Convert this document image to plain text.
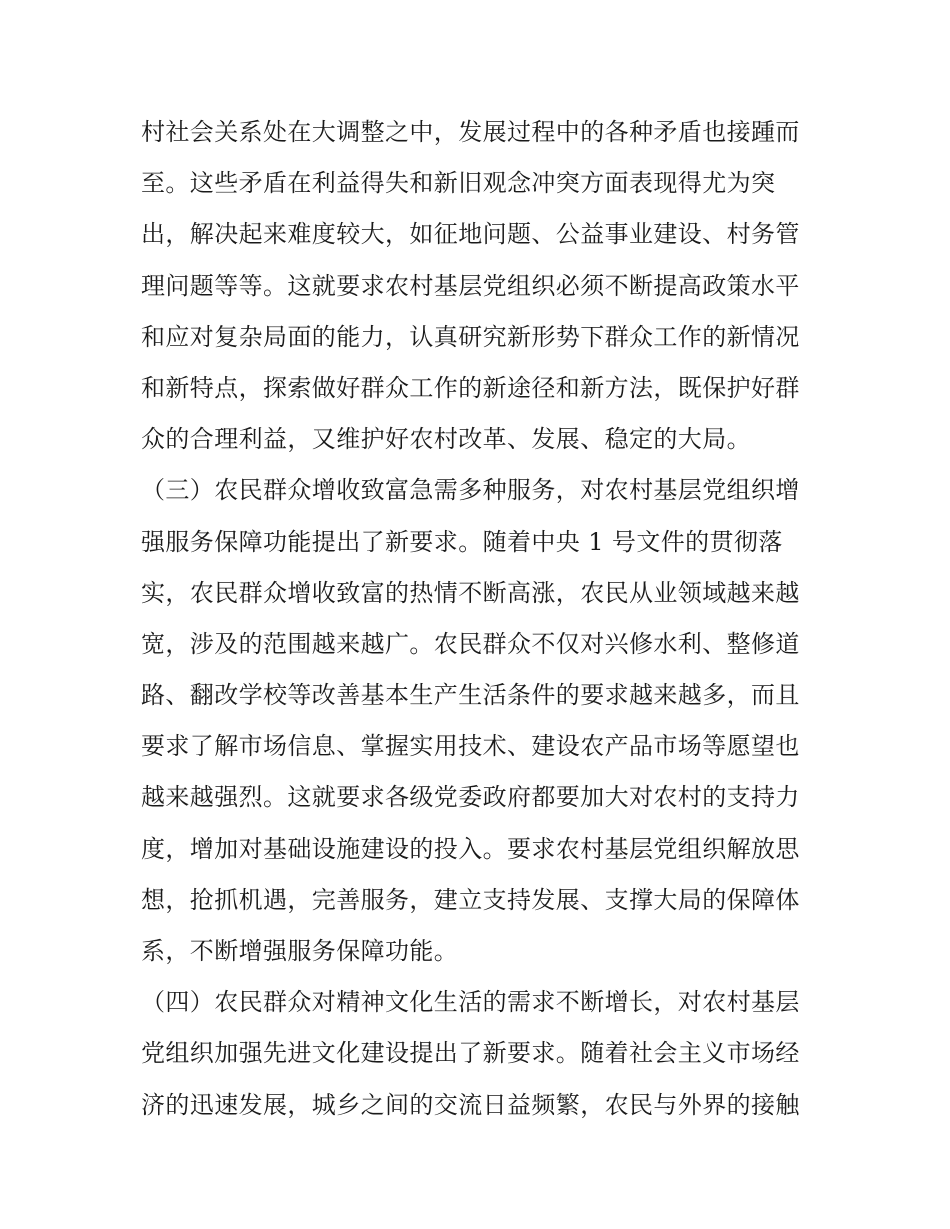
村社会关系处在大调整之中，发展过程中的各种矛盾也接踵而
至。这些矛盾在利益得失和新旧观念冲突方面表现得尤为突
出，解决起来难度较大，如征地问题、公益事业建设、村务管
理问题等等。这就要求农村基层党组织必须不断提高政策水平
和应对复杂局面的能力，认真研究新形势下群众工作的新情况
和新特点，探索做好群众工作的新途径和新方法，既保护好群
众的合理利益，又维护好农村改革、发展、稳定的大局。
（三）农民群众增收致富急需多种服务，对农村基层党组织增
强服务保障功能提出了新要求。随着中央 1 号文件的贯彻落
实，农民群众增收致富的热情不断高涨，农民从业领域越来越
宽，涉及的范围越来越广。农民群众不仅对兴修水利、整修道
路、翻改学校等改善基本生产生活条件的要求越来越多，而且
要求了解市场信息、掌握实用技术、建设农产品市场等愿望也
越来越强烈。这就要求各级党委政府都要加大对农村的支持力
度，增加对基础设施建设的投入。要求农村基层党组织解放思
想，抢抓机遇，完善服务，建立支持发展、支撑大局的保障体
系，不断增强服务保障功能。
（四）农民群众对精神文化生活的需求不断增长，对农村基层
党组织加强先进文化建设提出了新要求。随着社会主义市场经
济的迅速发展，城乡之间的交流日益频繁，农民与外界的接触
